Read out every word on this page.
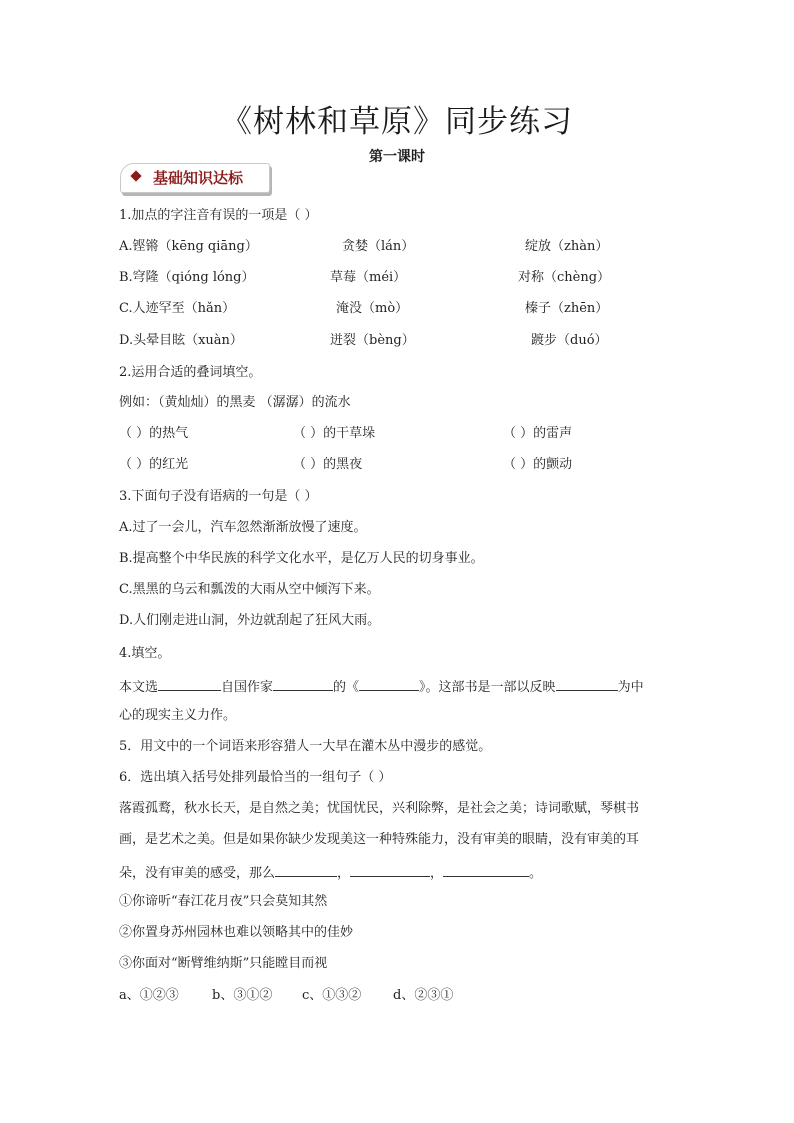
《树林和草原》同步练习
第一课时
基础知识达标
1.加点的字注音有误的一项是（ ）
A.铿锵（kēng qiāng）	贪婪（lán）	绽放（zhàn）
B.穹隆（qióng lóng）	草莓（méi）	对称（chèng）
C.人迹罕至（hǎn）	淹没（mò）	榛子（zhēn）
D.头晕目眩（xuàn）	迸裂（bèng）	踱步（duó）
2.运用合适的叠词填空。
例如：（黄灿灿）的黑麦 （潺潺）的流水
（ ）的热气	（ ）的干草垛	（ ）的雷声
（ ）的红光	（ ）的黑夜	（ ）的颤动
3.下面句子没有语病的一句是（ ）
A.过了一会儿，汽车忽然渐渐放慢了速度。
B.提高整个中华民族的科学文化水平，是亿万人民的切身事业。
C.黑黑的乌云和瓢泼的大雨从空中倾泻下来。
D.人们刚走进山洞，外边就刮起了狂风大雨。
4.填空。
本文选	自国作家	的《	》。这部书是一部以反映	为中
心的现实主义力作。
5．用文中的一个词语来形容猎人一大早在灌木丛中漫步的感觉。
6．选出填入括号处排列最恰当的一组句子（ ）
落霞孤鹜，秋水长天，是自然之美；忧国忧民，兴利除弊，是社会之美；诗词歌赋，琴棋书
画，是艺术之美。但是如果你缺少发现美这一种特殊能力，没有审美的眼睛，没有审美的耳
朵，没有审美的感受，那么	，	，	。
①你谛听“春江花月夜”只会莫知其然
②你置身苏州园林也难以领略其中的佳妙
③你面对“断臂维纳斯”只能瞠目而视
a、①②③	b、③①② c、①③② d、②③①
